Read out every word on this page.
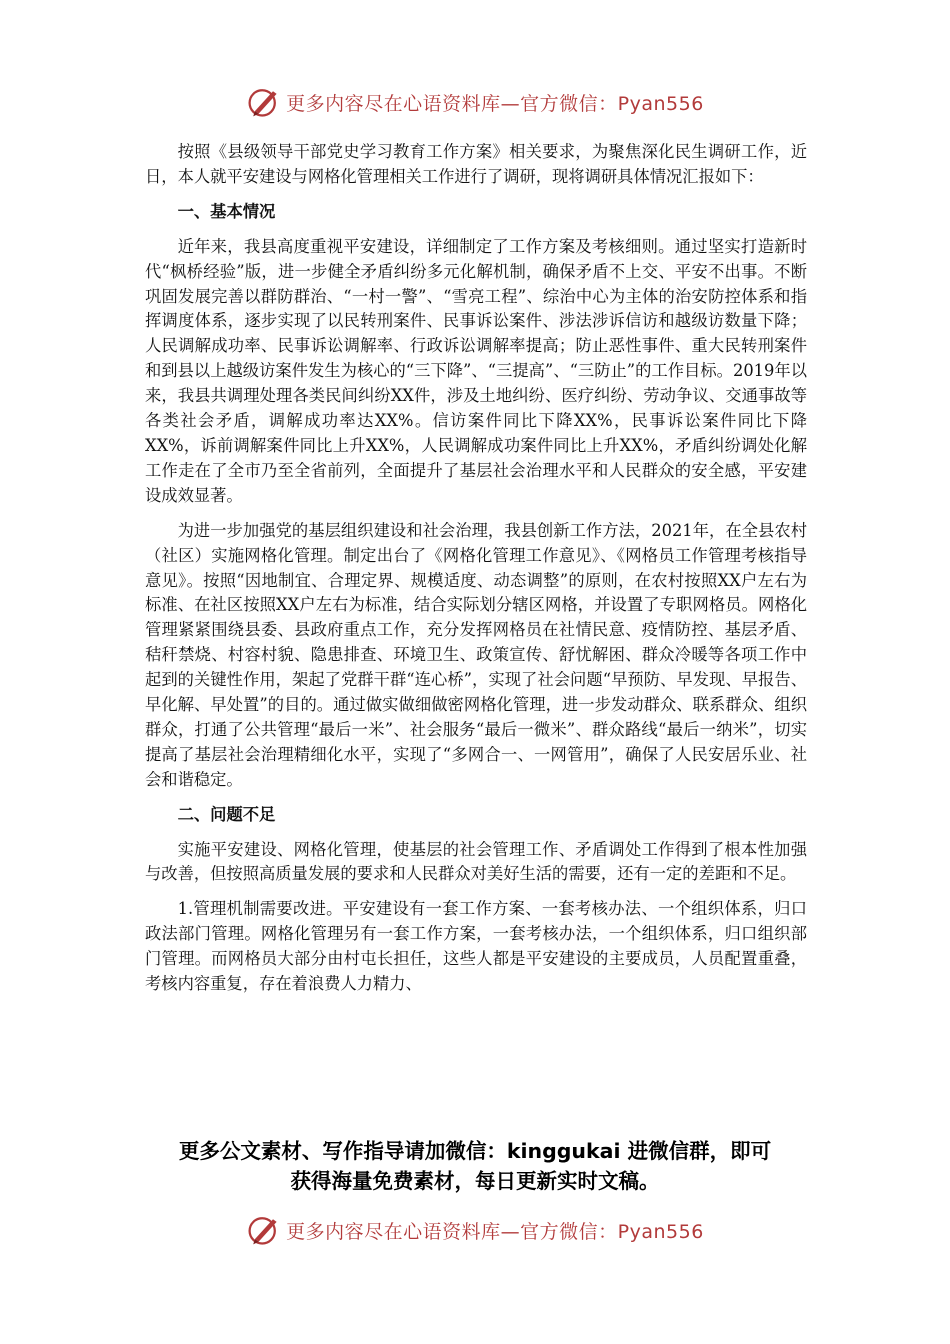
更多内容尽在心语资料库—官方微信：Pyan556

按照《县级领导干部党史学习教育工作方案》相关要求，为聚焦深化民生调研工作，近日，本人就平安建设与网格化管理相关工作进行了调研，现将调研具体情况汇报如下：

一、基本情况

近年来，我县高度重视平安建设，详细制定了工作方案及考核细则。通过坚实打造新时代“枫桥经验”版，进一步健全矛盾纠纷多元化解机制，确保矛盾不上交、平安不出事。不断巩固发展完善以群防群治、“一村一警”、“雪亮工程”、综治中心为主体的治安防控体系和指挥调度体系，逐步实现了以民转刑案件、民事诉讼案件、涉法涉诉信访和越级访数量下降；人民调解成功率、民事诉讼调解率、行政诉讼调解率提高；防止恶性事件、重大民转刑案件和到县以上越级访案件发生为核心的“三下降”、“三提高”、“三防止”的工作目标。2019年以来，我县共调理处理各类民间纠纷XX件，涉及土地纠纷、医疗纠纷、劳动争议、交通事故等各类社会矛盾，调解成功率达XX%。信访案件同比下降XX%，民事诉讼案件同比下降XX%，诉前调解案件同比上升XX%，人民调解成功案件同比上升XX%，矛盾纠纷调处化解工作走在了全市乃至全省前列，全面提升了基层社会治理水平和人民群众的安全感，平安建设成效显著。

为进一步加强党的基层组织建设和社会治理，我县创新工作方法，2021年，在全县农村（社区）实施网格化管理。制定出台了《网格化管理工作意见》、《网格员工作管理考核指导意见》。按照“因地制宜、合理定界、规模适度、动态调整”的原则，在农村按照XX户左右为标准、在社区按照XX户左右为标准，结合实际划分辖区网格，并设置了专职网格员。网格化管理紧紧围绕县委、县政府重点工作，充分发挥网格员在社情民意、疫情防控、基层矛盾、秸秆禁烧、村容村貌、隐患排查、环境卫生、政策宣传、舒忧解困、群众冷暖等各项工作中起到的关键性作用，架起了党群干群“连心桥”，实现了社会问题“早预防、早发现、早报告、早化解、早处置”的目的。通过做实做细做密网格化管理，进一步发动群众、联系群众、组织群众，打通了公共管理“最后一米”、社会服务“最后一微米”、群众路线“最后一纳米”，切实提高了基层社会治理精细化水平，实现了“多网合一、一网管用”，确保了人民安居乐业、社会和谐稳定。

二、问题不足

实施平安建设、网格化管理，使基层的社会管理工作、矛盾调处工作得到了根本性加强与改善，但按照高质量发展的要求和人民群众对美好生活的需要，还有一定的差距和不足。

1.管理机制需要改进。平安建设有一套工作方案、一套考核办法、一个组织体系，归口政法部门管理。网格化管理另有一套工作方案，一套考核办法，一个组织体系，归口组织部门管理。而网格员大部分由村屯长担任，这些人都是平安建设的主要成员，人员配置重叠，考核内容重复，存在着浪费人力精力、

更多公文素材、写作指导请加微信：kinggukai 进微信群，即可
获得海量免费素材，每日更新实时文稿。
更多内容尽在心语资料库—官方微信：Pyan556
